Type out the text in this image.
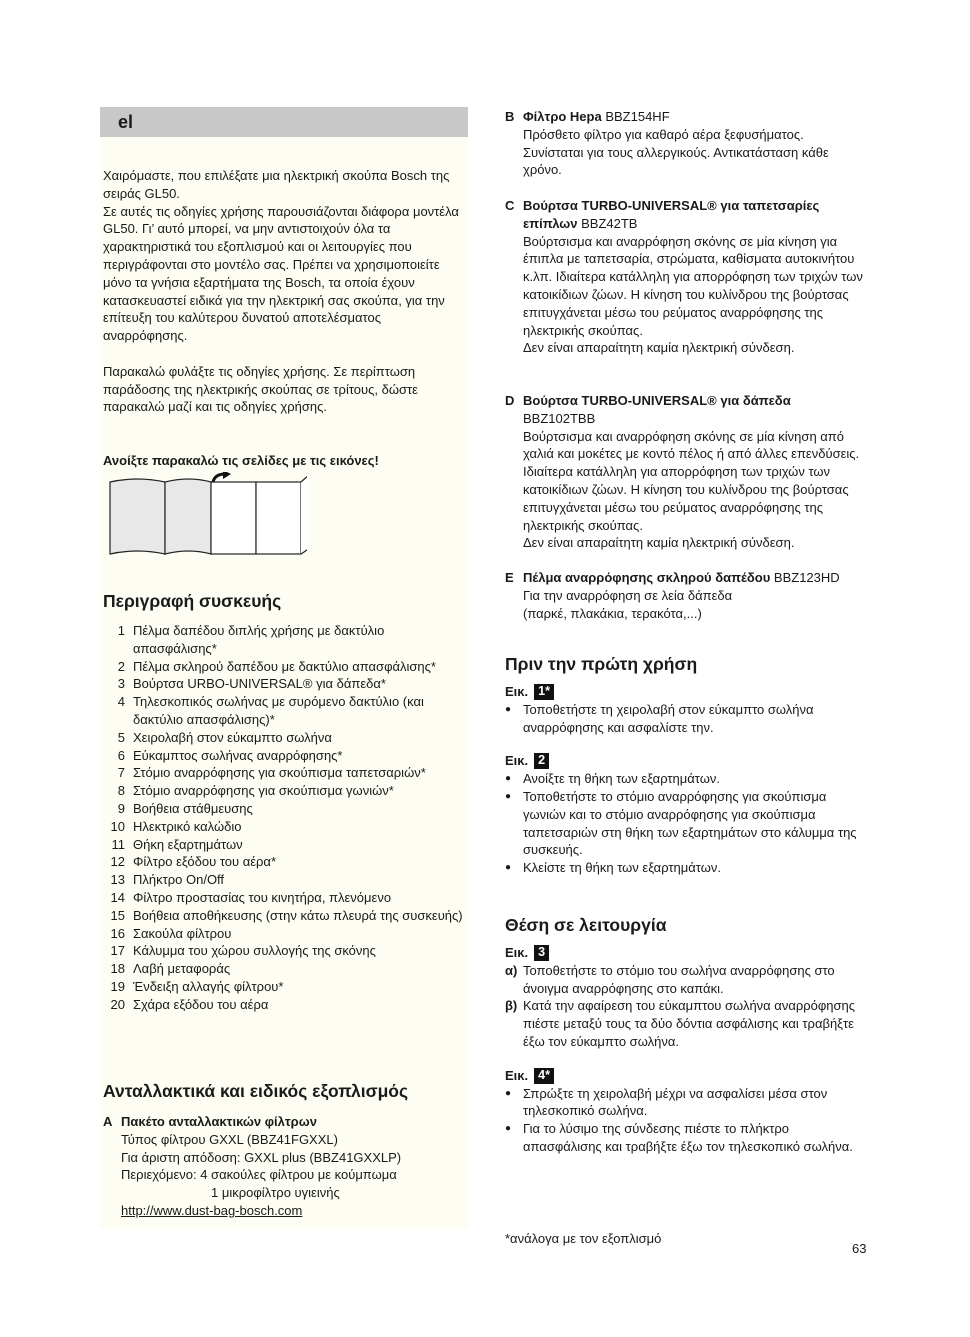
el

Χαιρόμαστε, που επιλέξατε μια ηλεκτρική σκούπα Bosch της σειράς GL50.

Σε αυτές τις οδηγίες χρήσης παρουσιάζονται διάφορα μοντέλα GL50. Γι’ αυτό μπορεί, να μην αντιστοιχούν όλα τα χαρακτηριστικά του εξοπλισμού και οι λειτουργίες που περιγράφονται στο μοντέλο σας. Πρέπει να χρησιμοποιείτε μόνο τα γνήσια εξαρτήματα της Bosch, τα οποία έχουν κατασκευαστεί ειδικά για την ηλεκτρική σας σκούπα, για την επίτευξη του καλύτερου δυνατού αποτελέσματος αναρρόφησης.

Παρακαλώ φυλάξτε τις οδηγίες χρήσης. Σε περίπτωση παράδοσης της ηλεκτρικής σκούπας σε τρίτους, δώστε παρακαλώ μαζί και τις οδηγίες χρήσης.

Ανοίξτε παρακαλώ τις σελίδες με τις εικόνες!
Περιγραφή συσκευής
1 Πέλμα δαπέδου διπλής χρήσης με δακτύλιο απασφάλισης*
2 Πέλμα σκληρού δαπέδου με δακτύλιο απασφάλισης*
3 Βούρτσα URBO-UNIVERSAL® για δάπεδα*
4 Τηλεσκοπικός σωλήνας με συρόμενο δακτύλιο (και δακτύλιο απασφάλισης)*
5 Χειρολαβή στον εύκαμπτο σωλήνα
6 Εύκαμπτος σωλήνας αναρρόφησης*
7 Στόμιο αναρρόφησης για σκούπισμα ταπετσαριών*
8 Στόμιο αναρρόφησης για σκούπισμα γωνιών*
9 Βοήθεια στάθμευσης
10 Ηλεκτρικό καλώδιο
11 Θήκη εξαρτημάτων
12 Φίλτρο εξόδου του αέρα*
13 Πλήκτρο On/Off
14 Φίλτρο προστασίας του κινητήρα, πλενόμενο
15 Βοήθεια αποθήκευσης (στην κάτω πλευρά της συσκευής)
16 Σακούλα φίλτρου
17 Κάλυμμα του χώρου συλλογής της σκόνης
18 Λαβή μεταφοράς
19 Ένδειξη αλλαγής φίλτρου*
20 Σχάρα εξόδου του αέρα
Ανταλλακτικά και ειδικός εξοπλισμός
A Πακέτο ανταλλακτικών φίλτρων
Τύπος φίλτρου GXXL (BBZ41FGXXL)
Για άριστη απόδοση: GXXL plus (BBZ41GXXLP)
Περιεχόμενο: 4 σακούλες φίλτρου με κούμπωμα
1 μικροφίλτρο υγιεινής
http://www.dust-bag-bosch.com
B Φίλτρο Hepa BBZ154HF
Πρόσθετο φίλτρο για καθαρό αέρα ξεφυσήματος. Συνίσταται για τους αλλεργικούς. Αντικατάσταση κάθε χρόνο.
C Βούρτσα TURBO-UNIVERSAL® για ταπετσαρίες επίπλων BBZ42TB
Βούρτσισμα και αναρρόφηση σκόνης σε μία κίνηση για έπιπλα με ταπετσαρία, στρώματα, καθίσματα αυτοκινήτου κ.λπ. Ιδιαίτερα κατάλληλη για απορρόφηση των τριχών των κατοικίδιων ζώων. Η κίνηση του κυλίνδρου της βούρτσας επιτυγχάνεται μέσω του ρεύματος αναρρόφησης της ηλεκτρικής σκούπας.
Δεν είναι απαραίτητη καμία ηλεκτρική σύνδεση.
D Βούρτσα TURBO-UNIVERSAL® για δάπεδα
BBZ102TBB
Βούρτσισμα και αναρρόφηση σκόνης σε μία κίνηση από χαλιά και μοκέτες με κοντό πέλος ή από άλλες επενδύσεις. Ιδιαίτερα κατάλληλη για απορρόφηση των τριχών των κατοικίδιων ζώων. Η κίνηση του κυλίνδρου της βούρτσας επιτυγχάνεται μέσω του ρεύματος αναρρόφησης της ηλεκτρικής σκούπας.
Δεν είναι απαραίτητη καμία ηλεκτρική σύνδεση.
E Πέλμα αναρρόφησης σκληρού δαπέδου BBZ123HD
Για την αναρρόφηση σε λεία δάπεδα
(παρκέ, πλακάκια, τερακότα,...)
Πριν την πρώτη χρήση
Εικ. 1*
● Τοποθετήστε τη χειρολαβή στον εύκαμπτο σωλήνα αναρρόφησης και ασφαλίστε την.
Εικ. 2
● Ανοίξτε τη θήκη των εξαρτημάτων.
● Τοποθετήστε το στόμιο αναρρόφησης για σκούπισμα γωνιών και το στόμιο αναρρόφησης για σκούπισμα ταπετσαριών στη θήκη των εξαρτημάτων στο κάλυμμα της συσκευής.
● Κλείστε τη θήκη των εξαρτημάτων.
Θέση σε λειτουργία
Εικ. 3
α) Τοποθετήστε το στόμιο του σωλήνα αναρρόφησης στο άνοιγμα αναρρόφησης στο καπάκι.
β) Κατά την αφαίρεση του εύκαμπτου σωλήνα αναρρόφησης πιέστε μεταξύ τους τα δύο δόντια ασφάλισης και τραβήξτε έξω τον εύκαμπτο σωλήνα.
Εικ. 4*
● Σπρώξτε τη χειρολαβή μέχρι να ασφαλίσει μέσα στον τηλεσκοπικό σωλήνα.
● Για το λύσιμο της σύνδεσης πιέστε το πλήκτρο απασφάλισης και τραβήξτε έξω τον τηλεσκοπικό σωλήνα.
*ανάλογα με τον εξοπλισμό
63
